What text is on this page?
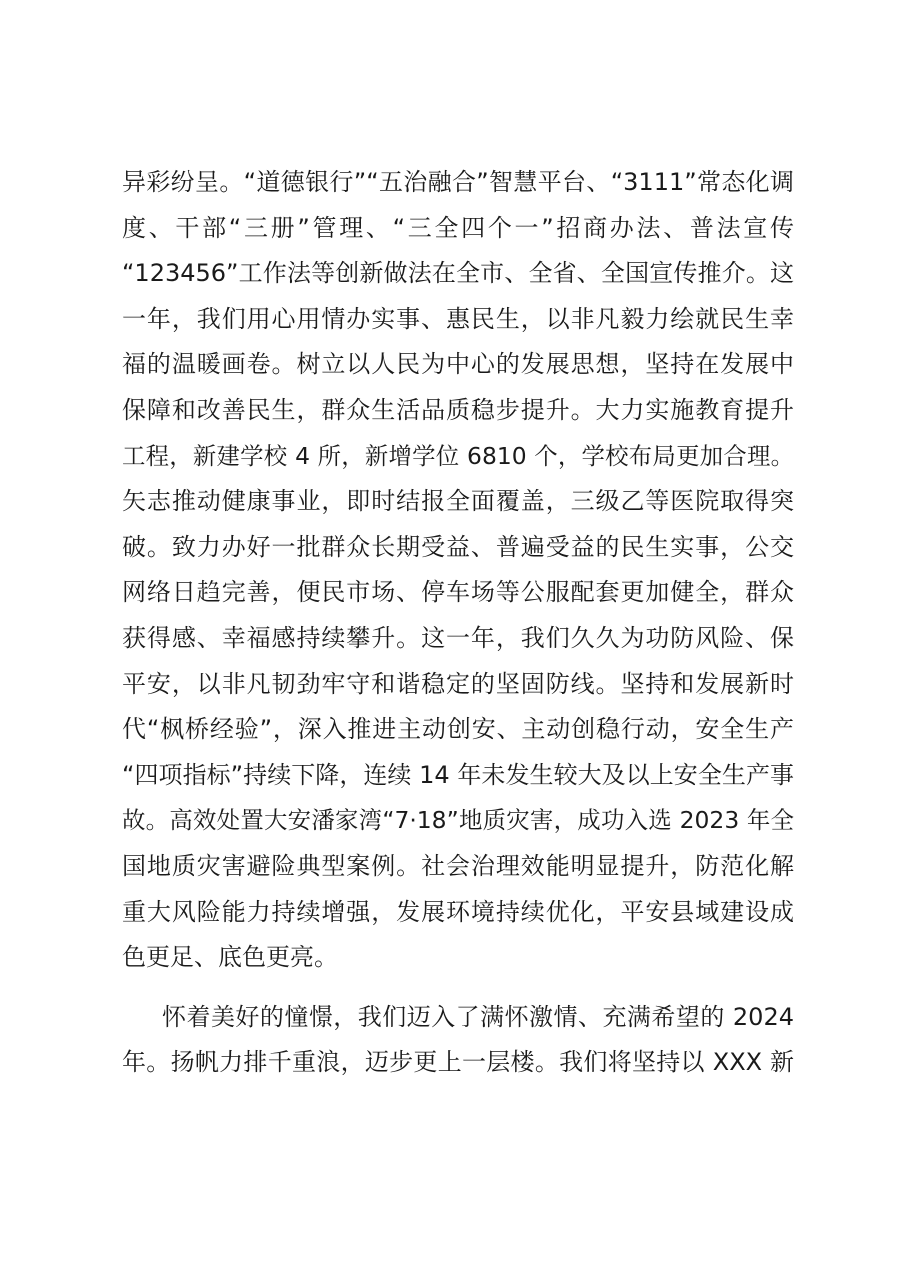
异彩纷呈。“道德银行”“五治融合”智慧平台、“3111”常态化调
度、干部“三册”管理、“三全四个一”招商办法、普法宣传
“123456”工作法等创新做法在全市、全省、全国宣传推介。这
一年，我们用心用情办实事、惠民生，以非凡毅力绘就民生幸
福的温暖画卷。树立以人民为中心的发展思想，坚持在发展中
保障和改善民生，群众生活品质稳步提升。大力实施教育提升
工程，新建学校 4 所，新增学位 6810 个，学校布局更加合理。
矢志推动健康事业，即时结报全面覆盖，三级乙等医院取得突
破。致力办好一批群众长期受益、普遍受益的民生实事，公交
网络日趋完善，便民市场、停车场等公服配套更加健全，群众
获得感、幸福感持续攀升。这一年，我们久久为功防风险、保
平安，以非凡韧劲牢守和谐稳定的坚固防线。坚持和发展新时
代“枫桥经验”，深入推进主动创安、主动创稳行动，安全生产
“四项指标”持续下降，连续 14 年未发生较大及以上安全生产事
故。高效处置大安潘家湾“7·18”地质灾害，成功入选 2023 年全
国地质灾害避险典型案例。社会治理效能明显提升，防范化解
重大风险能力持续增强，发展环境持续优化，平安县域建设成
色更足、底色更亮。
怀着美好的憧憬，我们迈入了满怀激情、充满希望的 2024
年。扬帆力排千重浪，迈步更上一层楼。我们将坚持以 XXX 新
